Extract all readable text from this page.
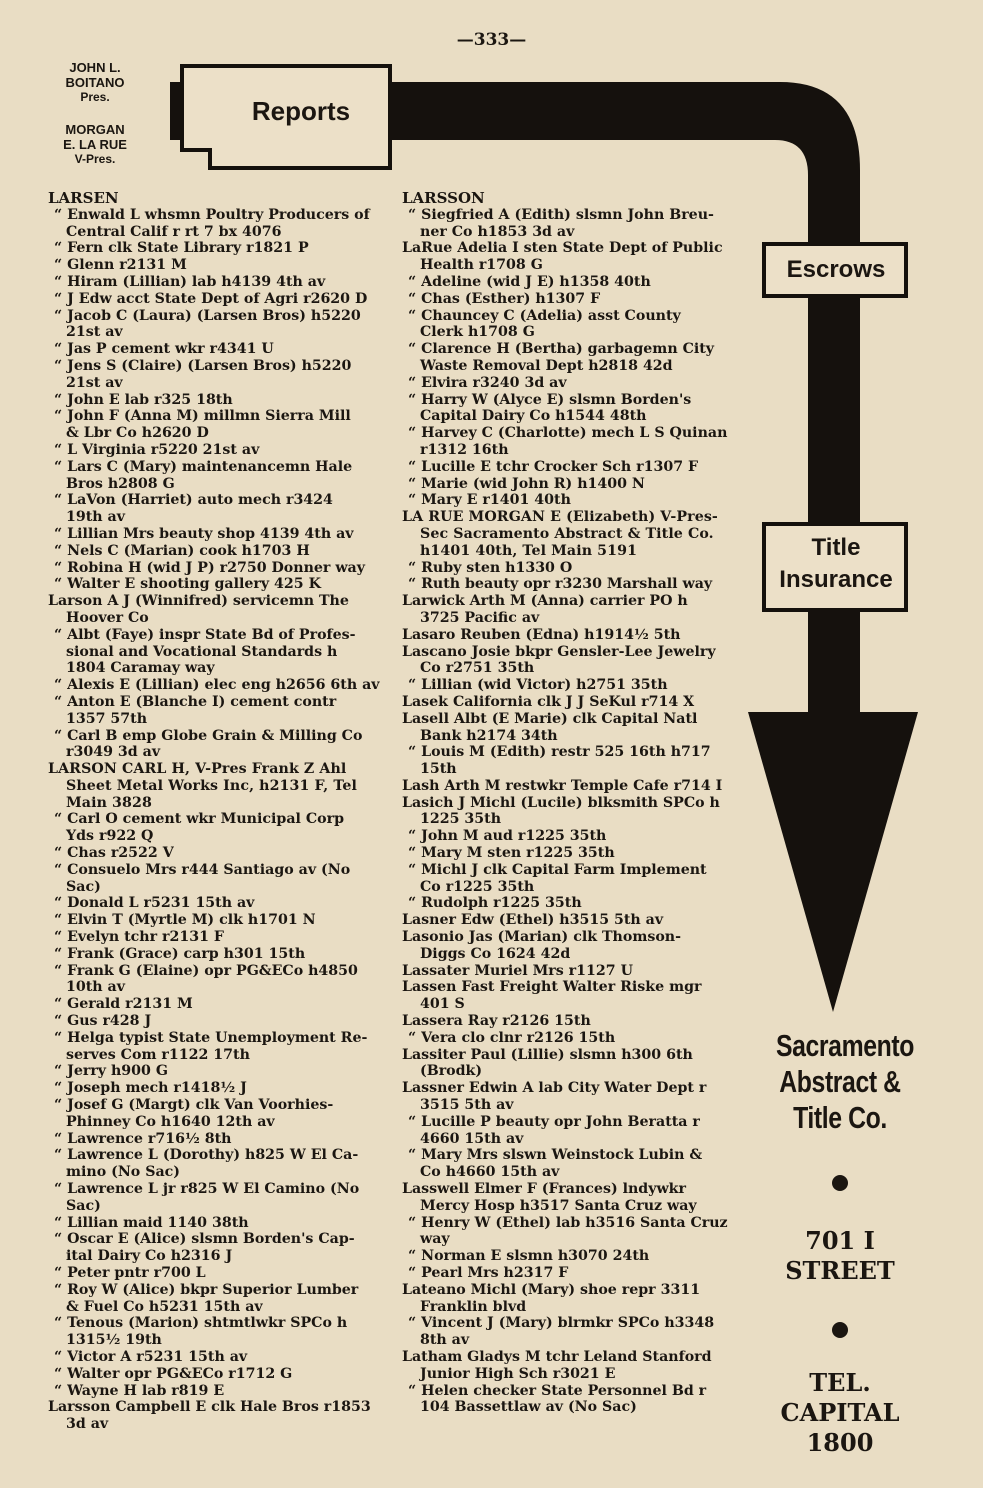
—333—
JOHN L.
BOITANO
Pres.
MORGAN
E. LA RUE
V-Pres.
Reports
Escrows
Title
Insurance
LARSEN
“ Enwald L whsmn Poultry Producers of
Central Calif r rt 7 bx 4076
“ Fern clk State Library r1821 P
“ Glenn r2131 M
“ Hiram (Lillian) lab h4139 4th av
“ J Edw acct State Dept of Agri r2620 D
“ Jacob C (Laura) (Larsen Bros) h5220
21st av
“ Jas P cement wkr r4341 U
“ Jens S (Claire) (Larsen Bros) h5220
21st av
“ John E lab r325 18th
“ John F (Anna M) millmn Sierra Mill
& Lbr Co h2620 D
“ L Virginia r5220 21st av
“ Lars C (Mary) maintenancemn Hale
Bros h2808 G
“ LaVon (Harriet) auto mech r3424
19th av
“ Lillian Mrs beauty shop 4139 4th av
“ Nels C (Marian) cook h1703 H
“ Robina H (wid J P) r2750 Donner way
“ Walter E shooting gallery 425 K
Larson A J (Winnifred) servicemn The
Hoover Co
“ Albt (Faye) inspr State Bd of Profes-
sional and Vocational Standards h
1804 Caramay way
“ Alexis E (Lillian) elec eng h2656 6th av
“ Anton E (Blanche I) cement contr
1357 57th
“ Carl B emp Globe Grain & Milling Co
r3049 3d av
LARSON CARL H, V-Pres Frank Z Ahl
Sheet Metal Works Inc, h2131 F, Tel
Main 3828
“ Carl O cement wkr Municipal Corp
Yds r922 Q
“ Chas r2522 V
“ Consuelo Mrs r444 Santiago av (No
Sac)
“ Donald L r5231 15th av
“ Elvin T (Myrtle M) clk h1701 N
“ Evelyn tchr r2131 F
“ Frank (Grace) carp h301 15th
“ Frank G (Elaine) opr PG&ECo h4850
10th av
“ Gerald r2131 M
“ Gus r428 J
“ Helga typist State Unemployment Re-
serves Com r1122 17th
“ Jerry h900 G
“ Joseph mech r1418½ J
“ Josef G (Margt) clk Van Voorhies-
Phinney Co h1640 12th av
“ Lawrence r716½ 8th
“ Lawrence L (Dorothy) h825 W El Ca-
mino (No Sac)
“ Lawrence L jr r825 W El Camino (No
Sac)
“ Lillian maid 1140 38th
“ Oscar E (Alice) slsmn Borden's Cap-
ital Dairy Co h2316 J
“ Peter pntr r700 L
“ Roy W (Alice) bkpr Superior Lumber
& Fuel Co h5231 15th av
“ Tenous (Marion) shtmtlwkr SPCo h
1315½ 19th
“ Victor A r5231 15th av
“ Walter opr PG&ECo r1712 G
“ Wayne H lab r819 E
Larsson Campbell E clk Hale Bros r1853
3d av
LARSSON
“ Siegfried A (Edith) slsmn John Breu-
ner Co h1853 3d av
LaRue Adelia I sten State Dept of Public
Health r1708 G
“ Adeline (wid J E) h1358 40th
“ Chas (Esther) h1307 F
“ Chauncey C (Adelia) asst County
Clerk h1708 G
“ Clarence H (Bertha) garbagemn City
Waste Removal Dept h2818 42d
“ Elvira r3240 3d av
“ Harry W (Alyce E) slsmn Borden's
Capital Dairy Co h1544 48th
“ Harvey C (Charlotte) mech L S Quinan
r1312 16th
“ Lucille E tchr Crocker Sch r1307 F
“ Marie (wid John R) h1400 N
“ Mary E r1401 40th
LA RUE MORGAN E (Elizabeth) V-Pres-
Sec Sacramento Abstract & Title Co.
h1401 40th, Tel Main 5191
“ Ruby sten h1330 O
“ Ruth beauty opr r3230 Marshall way
Larwick Arth M (Anna) carrier PO h
3725 Pacific av
Lasaro Reuben (Edna) h1914½ 5th
Lascano Josie bkpr Gensler-Lee Jewelry
Co r2751 35th
“ Lillian (wid Victor) h2751 35th
Lasek California clk J J SeKul r714 X
Lasell Albt (E Marie) clk Capital Natl
Bank h2174 34th
“ Louis M (Edith) restr 525 16th h717
15th
Lash Arth M restwkr Temple Cafe r714 I
Lasich J Michl (Lucile) blksmith SPCo h
1225 35th
“ John M aud r1225 35th
“ Mary M sten r1225 35th
“ Michl J clk Capital Farm Implement
Co r1225 35th
“ Rudolph r1225 35th
Lasner Edw (Ethel) h3515 5th av
Lasonio Jas (Marian) clk Thomson-
Diggs Co 1624 42d
Lassater Muriel Mrs r1127 U
Lassen Fast Freight Walter Riske mgr
401 S
Lassera Ray r2126 15th
“ Vera clo clnr r2126 15th
Lassiter Paul (Lillie) slsmn h300 6th
(Brodk)
Lassner Edwin A lab City Water Dept r
3515 5th av
“ Lucille P beauty opr John Beratta r
4660 15th av
“ Mary Mrs slswn Weinstock Lubin &
Co h4660 15th av
Lasswell Elmer F (Frances) lndywkr
Mercy Hosp h3517 Santa Cruz way
“ Henry W (Ethel) lab h3516 Santa Cruz
way
“ Norman E slsmn h3070 24th
“ Pearl Mrs h2317 F
Lateano Michl (Mary) shoe repr 3311
Franklin blvd
“ Vincent J (Mary) blrmkr SPCo h3348
8th av
Latham Gladys M tchr Leland Stanford
Junior High Sch r3021 E
“ Helen checker State Personnel Bd r
104 Bassettlaw av (No Sac)
Sacramento
Abstract &
Title Co.
701 I
STREET
TEL.
CAPITAL
1800
